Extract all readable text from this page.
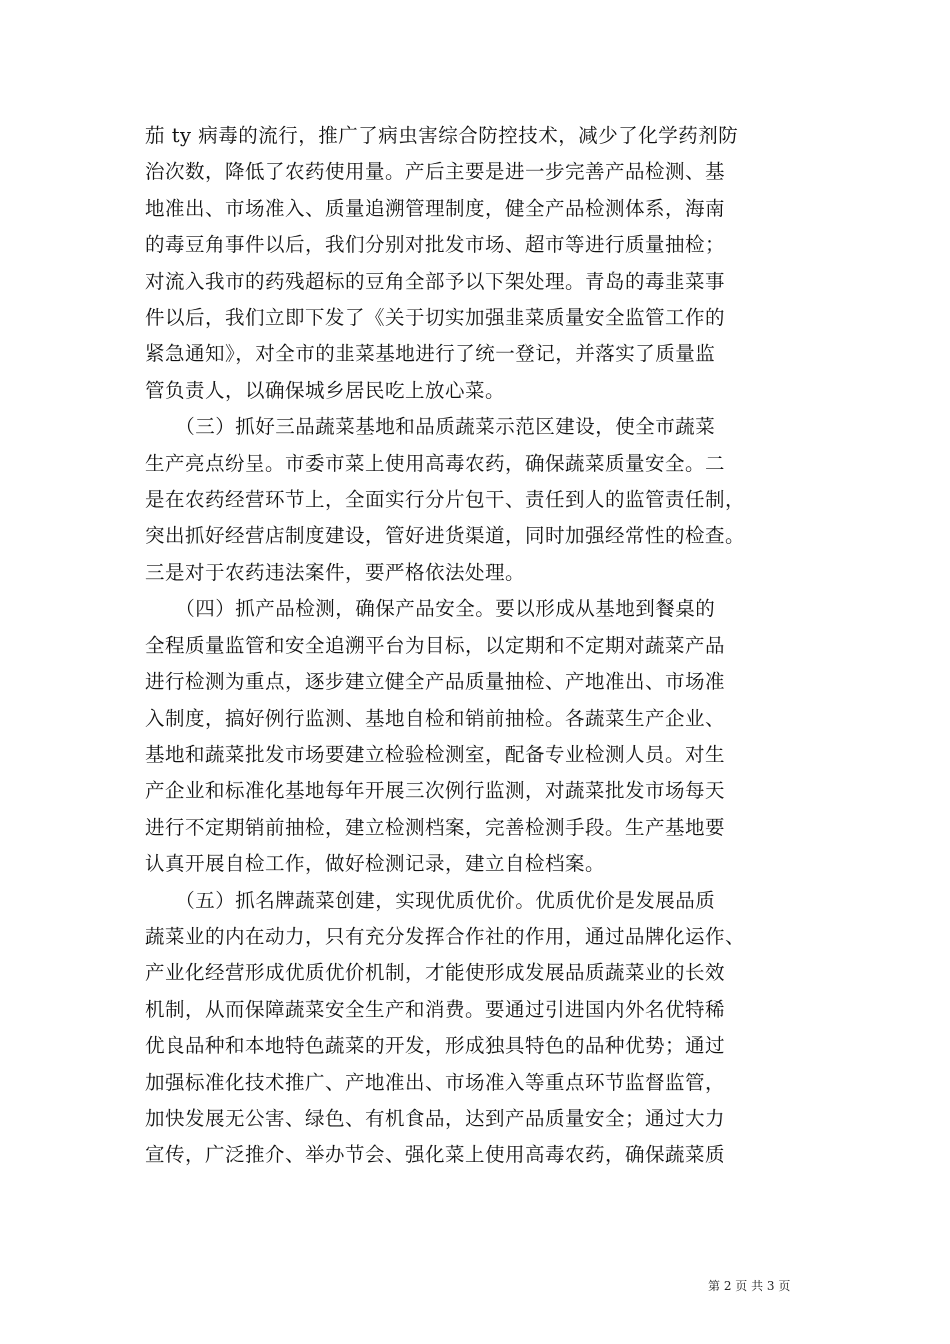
茄 ty 病毒的流行，推广了病虫害综合防控技术，减少了化学药剂防
治次数，降低了农药使用量。产后主要是进一步完善产品检测、基
地准出、市场准入、质量追溯管理制度，健全产品检测体系，海南
的毒豆角事件以后，我们分别对批发市场、超市等进行质量抽检；
对流入我市的药残超标的豆角全部予以下架处理。青岛的毒韭菜事
件以后，我们立即下发了《关于切实加强韭菜质量安全监管工作的
紧急通知》，对全市的韭菜基地进行了统一登记，并落实了质量监
管负责人，以确保城乡居民吃上放心菜。
　　（三）抓好三品蔬菜基地和品质蔬菜示范区建设，使全市蔬菜
生产亮点纷呈。市委市菜上使用高毒农药，确保蔬菜质量安全。二
是在农药经营环节上，全面实行分片包干、责任到人的监管责任制，
突出抓好经营店制度建设，管好进货渠道，同时加强经常性的检查。
三是对于农药违法案件，要严格依法处理。
　　（四）抓产品检测，确保产品安全。要以形成从基地到餐桌的
全程质量监管和安全追溯平台为目标，以定期和不定期对蔬菜产品
进行检测为重点，逐步建立健全产品质量抽检、产地准出、市场准
入制度，搞好例行监测、基地自检和销前抽检。各蔬菜生产企业、
基地和蔬菜批发市场要建立检验检测室，配备专业检测人员。对生
产企业和标准化基地每年开展三次例行监测，对蔬菜批发市场每天
进行不定期销前抽检，建立检测档案，完善检测手段。生产基地要
认真开展自检工作，做好检测记录，建立自检档案。
　　（五）抓名牌蔬菜创建，实现优质优价。优质优价是发展品质
蔬菜业的内在动力，只有充分发挥合作社的作用，通过品牌化运作、
产业化经营形成优质优价机制，才能使形成发展品质蔬菜业的长效
机制，从而保障蔬菜安全生产和消费。要通过引进国内外名优特稀
优良品种和本地特色蔬菜的开发，形成独具特色的品种优势；通过
加强标准化技术推广、产地准出、市场准入等重点环节监督监管，
加快发展无公害、绿色、有机食品，达到产品质量安全；通过大力
宣传，广泛推介、举办节会、强化菜上使用高毒农药，确保蔬菜质
第 2 页 共 3 页
